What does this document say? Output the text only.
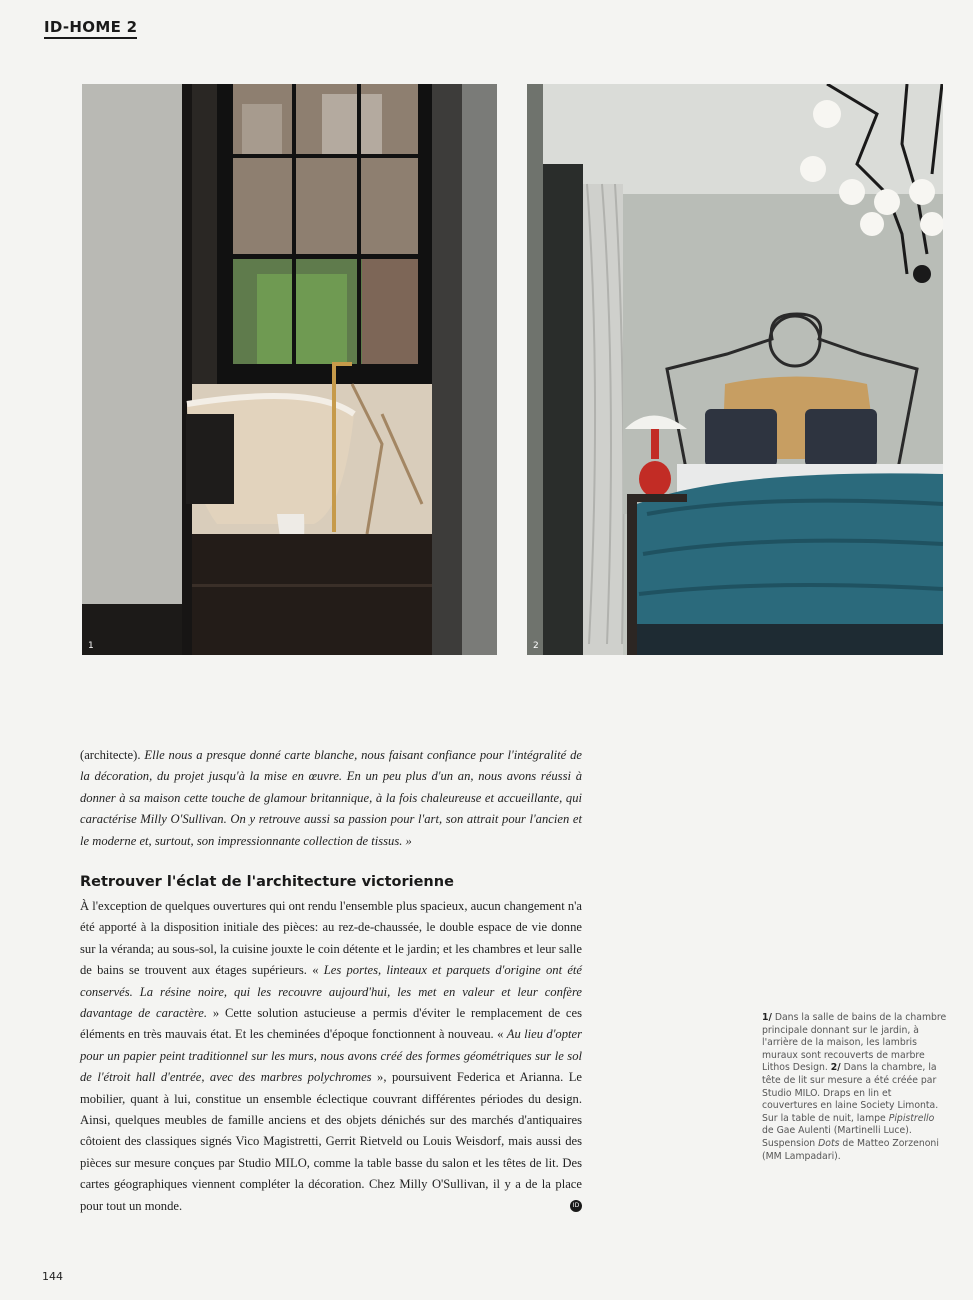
ID-HOME 2
1	2
(architecte). Elle nous a presque donné carte blanche, nous faisant confiance pour l'intégralité de la décoration, du projet jusqu'à la mise en œuvre. En un peu plus d'un an, nous avons réussi à donner à sa maison cette touche de glamour britannique, à la fois chaleureuse et accueillante, qui caractérise Milly O'Sullivan. On y retrouve aussi sa passion pour l'art, son attrait pour l'ancien et le moderne et, surtout, son impressionnante collection de tissus. »
Retrouver l'éclat de l'architecture victorienne
À l'exception de quelques ouvertures qui ont rendu l'ensemble plus spacieux, aucun changement n'a été apporté à la disposition initiale des pièces: au rez-de-chaussée, le double espace de vie donne sur la véranda; au sous-sol, la cuisine jouxte le coin détente et le jardin; et les chambres et leur salle de bains se trouvent aux étages supérieurs. « Les portes, linteaux et parquets d'origine ont été conservés. La résine noire, qui les recouvre aujourd'hui, les met en valeur et leur confère davantage de caractère. » Cette solution astucieuse a permis d'éviter le remplacement de ces éléments en très mauvais état. Et les cheminées d'époque fonctionnent à nouveau. « Au lieu d'opter pour un papier peint traditionnel sur les murs, nous avons créé des formes géométriques sur le sol de l'étroit hall d'entrée, avec des marbres polychromes », poursuivent Federica et Arianna. Le mobilier, quant à lui, constitue un ensemble éclectique couvrant différentes périodes du design. Ainsi, quelques meubles de famille anciens et des objets dénichés sur des marchés d'antiquaires côtoient des classiques signés Vico Magistretti, Gerrit Rietveld ou Louis Weisdorf, mais aussi des pièces sur mesure conçues par Studio MILO, comme la table basse du salon et les têtes de lit. Des cartes géographiques viennent compléter la décoration. Chez Milly O'Sullivan, il y a de la place pour tout un monde.	ID
1/ Dans la salle de bains de la chambre principale donnant sur le jardin, à l'arrière de la maison, les lambris muraux sont recouverts de marbre Lithos Design. 2/ Dans la chambre, la tête de lit sur mesure a été créée par Studio MILO. Draps en lin et couvertures en laine Society Limonta. Sur la table de nuit, lampe Pipistrello de Gae Aulenti (Martinelli Luce). Suspension Dots de Matteo Zorzenoni (MM Lampadari).
144
